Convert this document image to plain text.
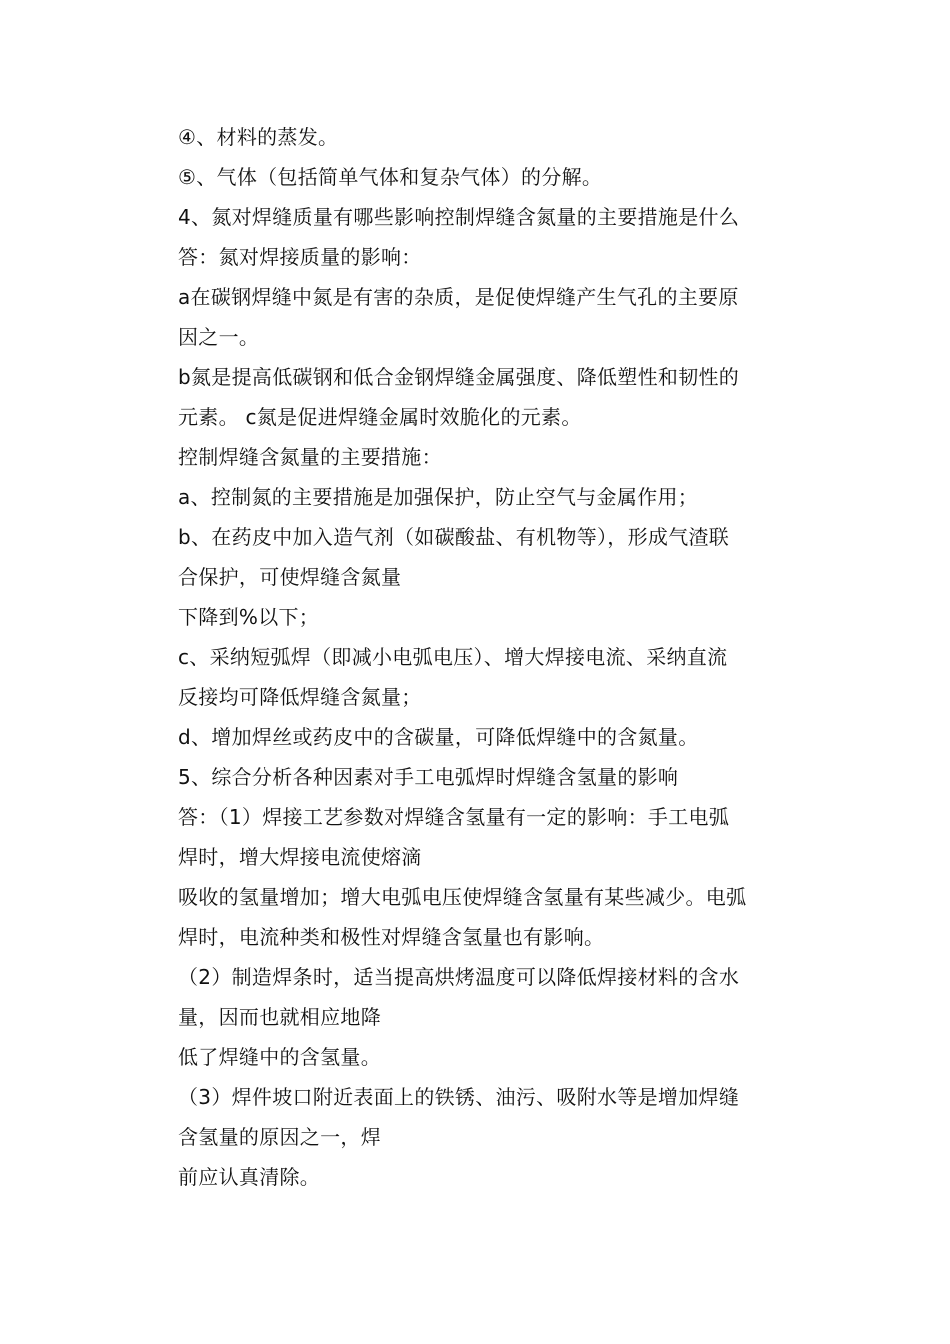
④、材料的蒸发。
⑤、气体（包括简单气体和复杂气体）的分解。
4、氮对焊缝质量有哪些影响控制焊缝含氮量的主要措施是什么
答：氮对焊接质量的影响：
a在碳钢焊缝中氮是有害的杂质，是促使焊缝产生气孔的主要原
因之一。
b氮是提高低碳钢和低合金钢焊缝金属强度、降低塑性和韧性的
元素。 c氮是促进焊缝金属时效脆化的元素。
控制焊缝含氮量的主要措施：
a、控制氮的主要措施是加强保护，防止空气与金属作用；
b、在药皮中加入造气剂（如碳酸盐、有机物等），形成气渣联
合保护，可使焊缝含氮量
下降到%以下；
c、采纳短弧焊（即减小电弧电压）、增大焊接电流、采纳直流
反接均可降低焊缝含氮量；
d、增加焊丝或药皮中的含碳量，可降低焊缝中的含氮量。
5、综合分析各种因素对手工电弧焊时焊缝含氢量的影响
答：（1）焊接工艺参数对焊缝含氢量有一定的影响：手工电弧
焊时，增大焊接电流使熔滴
吸收的氢量增加；增大电弧电压使焊缝含氢量有某些减少。电弧
焊时，电流种类和极性对焊缝含氢量也有影响。
（2）制造焊条时，适当提高烘烤温度可以降低焊接材料的含水
量，因而也就相应地降
低了焊缝中的含氢量。
（3）焊件坡口附近表面上的铁锈、油污、吸附水等是增加焊缝
含氢量的原因之一，焊
前应认真清除。
